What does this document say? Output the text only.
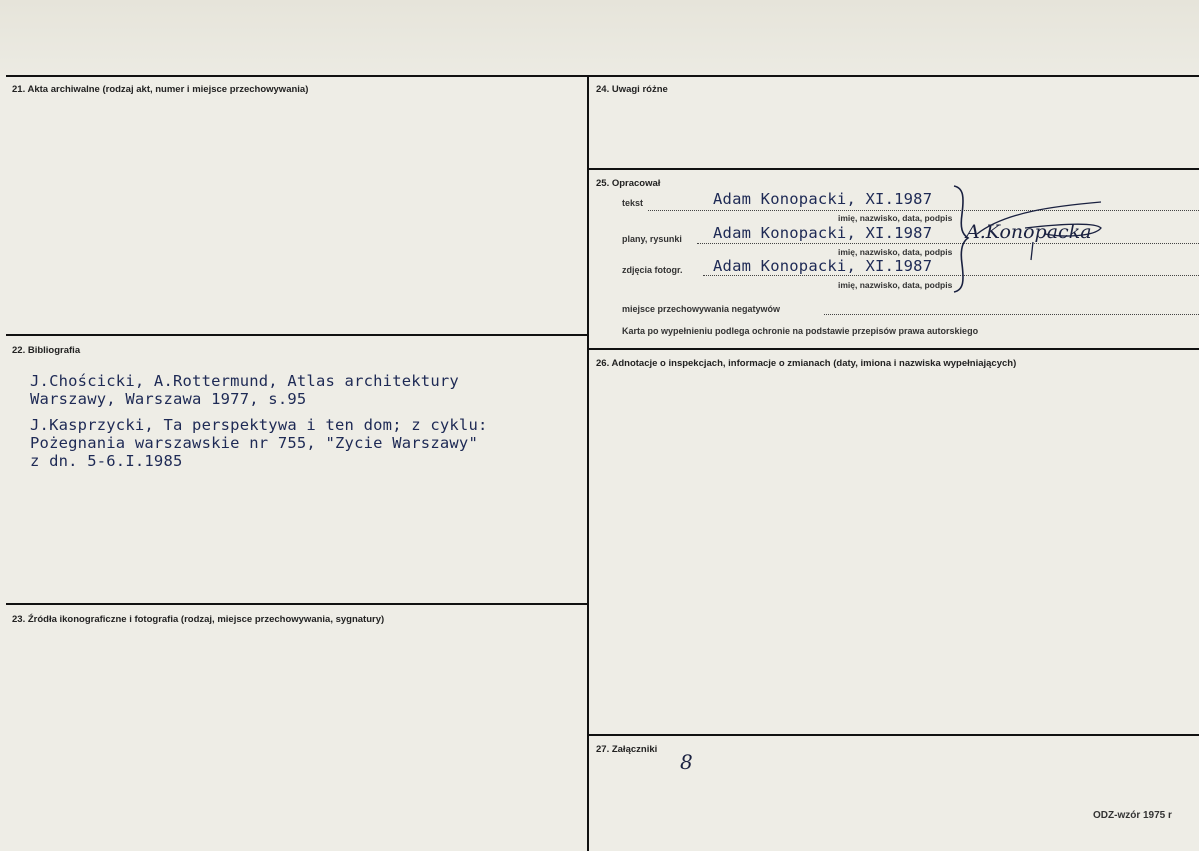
21. Akta archiwalne (rodzaj akt, numer i miejsce przechowywania)
22. Bibliografia
J.Chościcki, A.Rottermund, Atlas architektury
Warszawy, Warszawa 1977, s.95
J.Kasprzycki, Ta perspektywa i ten dom; z cyklu:
Pożegnania warszawskie nr 755, "Zycie Warszawy"
z dn. 5-6.I.1985
23. Źródła ikonograficzne i fotografia (rodzaj, miejsce przechowywania, sygnatury)
24. Uwagi różne
25. Opracował
tekst	Adam Konopacki, XI.1987
imię, nazwisko, data, podpis
plany, rysunki Adam Konopacki, XI.1987
imię, nazwisko, data, podpis
zdjęcia fotogr. Adam Konopacki, XI.1987
imię, nazwisko, data, podpis
A.Konopacka
miejsce przechowywania negatywów
Karta po wypełnieniu podlega ochronie na podstawie przepisów prawa autorskiego
26. Adnotacje o inspekcjach, informacje o zmianach (daty, imiona i nazwiska wypełniających)
27. Załączniki
8
ODZ-wzór 1975 r
